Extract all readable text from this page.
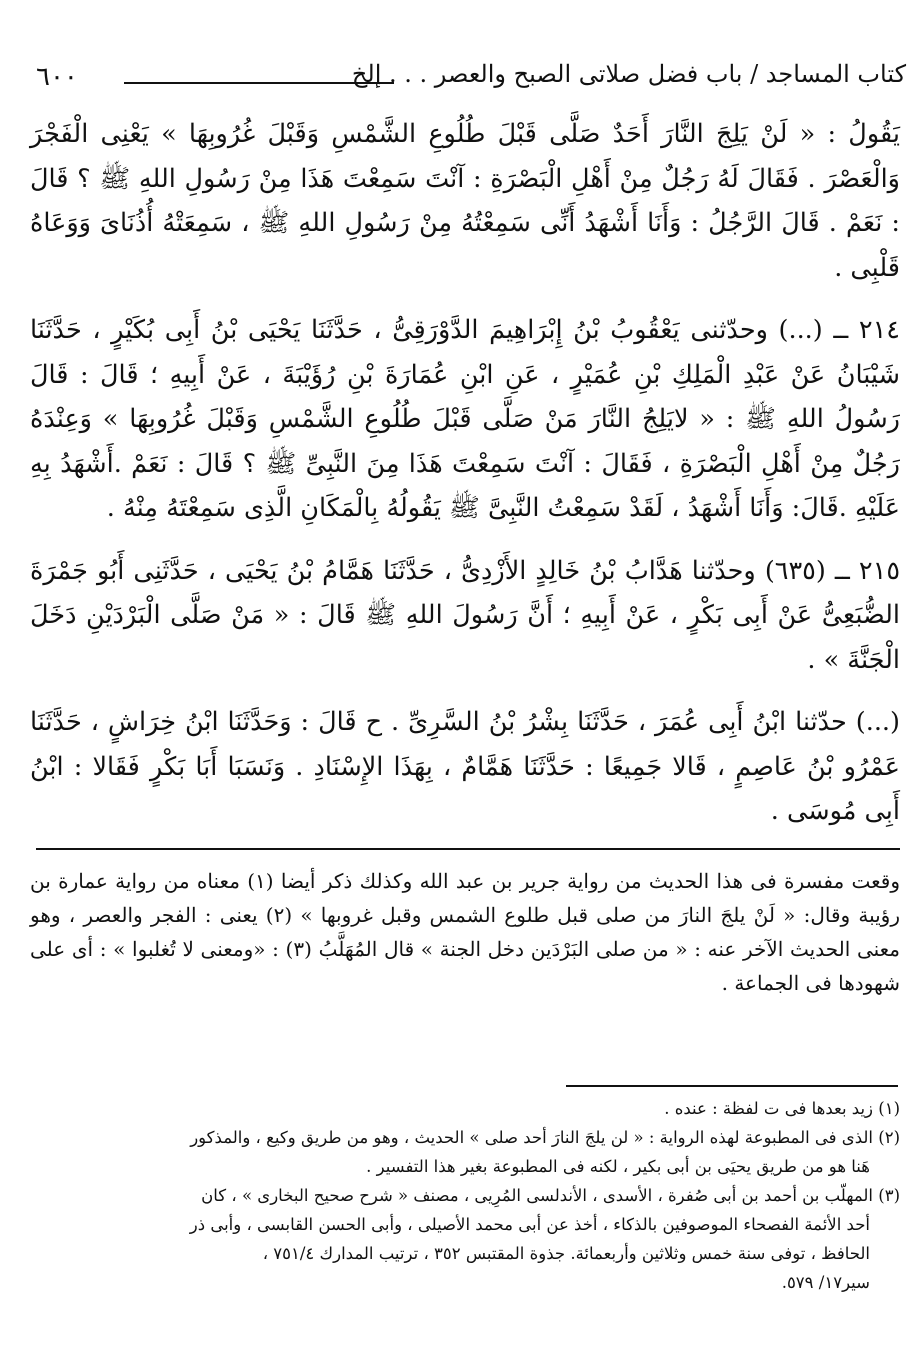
٦٠٠	كتاب المساجد / باب فضل صلاتى الصبح والعصر . . . إلخ

يَقُولُ : « لَنْ يَلِجَ النَّارَ أَحَدٌ صَلَّى قَبْلَ طُلُوعِ الشَّمْسِ وَقَبْلَ غُرُوبِهَا » يَعْنِى الْفَجْرَ وَالْعَصْرَ . فَقَالَ لَهُ رَجُلٌ مِنْ أَهْلِ الْبَصْرَةِ : آنْتَ سَمِعْتَ هَذَا مِنْ رَسُولِ اللهِ ﷺ ؟ قَالَ : نَعَمْ . قَالَ الرَّجُلُ : وَأَنَا أَشْهَدُ أَنِّى سَمِعْتُهُ مِنْ رَسُولِ اللهِ ﷺ ، سَمِعَتْهُ أُذُنَاىَ وَوَعَاهُ قَلْبِى .

٢١٤ ــ (...) وحدّثنى يَعْقُوبُ بْنُ إِبْرَاهِيمَ الدَّوْرَقِىُّ ، حَدَّثَنَا يَحْيَى بْنُ أَبِى بُكَيْرٍ ، حَدَّثَنَا شَيْبَانُ عَنْ عَبْدِ الْمَلِكِ بْنِ عُمَيْرٍ ، عَنِ ابْنِ عُمَارَةَ بْنِ رُؤَيْبَةَ ، عَنْ أَبِيهِ ؛ قَالَ : قَالَ رَسُولُ اللهِ ﷺ : « لايَلِجُ النَّارَ مَنْ صَلَّى قَبْلَ طُلُوعِ الشَّمْسِ وَقَبْلَ غُرُوبِهَا » وَعِنْدَهُ رَجُلٌ مِنْ أَهْلِ الْبَصْرَةِ ، فَقَالَ : آنْتَ سَمِعْتَ هَذَا مِنَ النَّبِىِّ ﷺ ؟ قَالَ : نَعَمْ .أَشْهَدُ بِهِ عَلَيْهِ .قَالَ: وَأَنَا أَشْهَدُ ، لَقَدْ سَمِعْتُ النَّبِىَّ ﷺ يَقُولُهُ بِالْمَكَانِ الَّذِى سَمِعْتَهُ مِنْهُ .

٢١٥ ــ (٦٣٥) وحدّثنا هَدَّابُ بْنُ خَالِدٍ الأَزْدِىُّ ، حَدَّثَنَا هَمَّامُ بْنُ يَحْيَى ، حَدَّثَنِى أَبُو جَمْرَةَ الضُّبَعِىُّ عَنْ أَبِى بَكْرٍ ، عَنْ أَبِيهِ ؛ أَنَّ رَسُولَ اللهِ ﷺ قَالَ : « مَنْ صَلَّى الْبَرْدَيْنِ دَخَلَ الْجَنَّةَ » .

(...) حدّثنا ابْنُ أَبِى عُمَرَ ، حَدَّثَنَا بِشْرُ بْنُ السَّرِىِّ . ح قَالَ : وَحَدَّثَنَا ابْنُ خِرَاشٍ ، حَدَّثَنَا عَمْرُو بْنُ عَاصِمٍ ، قَالا جَمِيعًا : حَدَّثَنَا هَمَّامٌ ، بِهَذَا الإِسْنَادِ . وَنَسَبَا أَبَا بَكْرٍ فَقَالا : ابْنُ أَبِى مُوسَى .

وقعت مفسرة فى هذا الحديث من رواية جرير بن عبد الله وكذلك ذكر أيضا (١) معناه من رواية عمارة بن رؤيبة وقال: « لَنْ يلجَ النارَ من صلى قبل طلوع الشمس وقبل غروبها » (٢) يعنى : الفجر والعصر ، وهو معنى الحديث الآخر عنه : « من صلى البَرْدَين دخل الجنة » قال المُهَلَّبُ (٣) : «ومعنى لا تُغلبوا » : أى على شهودها فى الجماعة .

(١) زيد بعدها فى ت لفظة : عنده .

(٢) الذى فى المطبوعة لهذه الرواية : « لن يلجَ النارَ أحد صلى » الحديث ، وهو من طريق وكيع ، والمذكور

هَنا هو من طريق يحيَى بن أبى بكير ، لكنه فى المطبوعة بغير هذا التفسير .

(٣) المهلّب بن أحمد بن أبى صُفرة ، الأسدى ، الأندلسى المُرِيى ، مصنف « شرح صحيح البخارى » ، كان

أحد الأئمة الفصحاء الموصوفين بالذكاء ، أخذ عن أبى محمد الأصيلى ، وأبى الحسن القابسى ، وأبى ذر

الحافظ ، توفى سنة خمس وثلاثين وأربعمائة. جذوة المقتبس ٣٥٢ ، ترتيب المدارك ٧٥١/٤ ،

سير١٧/ ٥٧٩.
